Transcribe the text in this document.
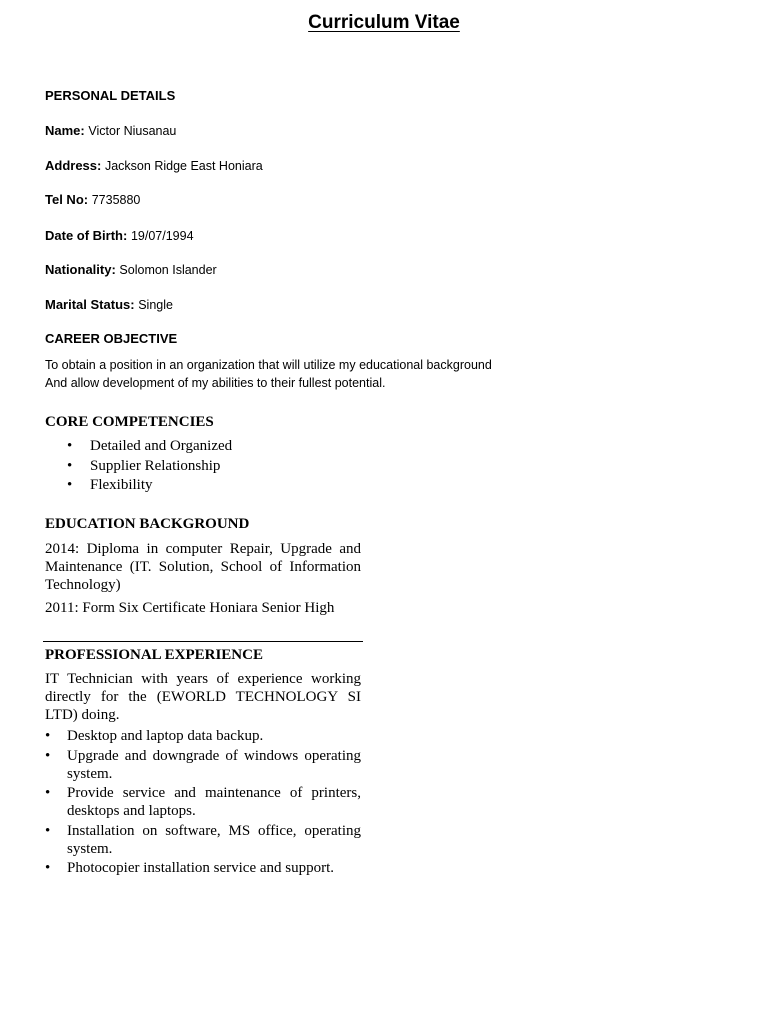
Curriculum Vitae
PERSONAL DETAILS
Name: Victor Niusanau
Address: Jackson Ridge East Honiara
Tel No: 7735880
Date of Birth: 19/07/1994
Nationality: Solomon Islander
Marital Status: Single
CAREER OBJECTIVE
To obtain a position in an organization that will utilize my educational background
And allow development of my abilities to their fullest potential.
CORE COMPETENCIES
• Detailed and Organized
• Supplier Relationship
• Flexibility
EDUCATION BACKGROUND
2014: Diploma in computer Repair, Upgrade and Maintenance (IT. Solution, School of Information Technology)
2011: Form Six Certificate Honiara Senior High
PROFESSIONAL EXPERIENCE
IT Technician with years of experience working directly for the (EWORLD TECHNOLOGY SI LTD) doing.
• Desktop and laptop data backup.
• Upgrade and downgrade of windows operating system.
• Provide service and maintenance of printers, desktops and laptops.
• Installation on software, MS office, operating system.
• Photocopier installation service and support.
